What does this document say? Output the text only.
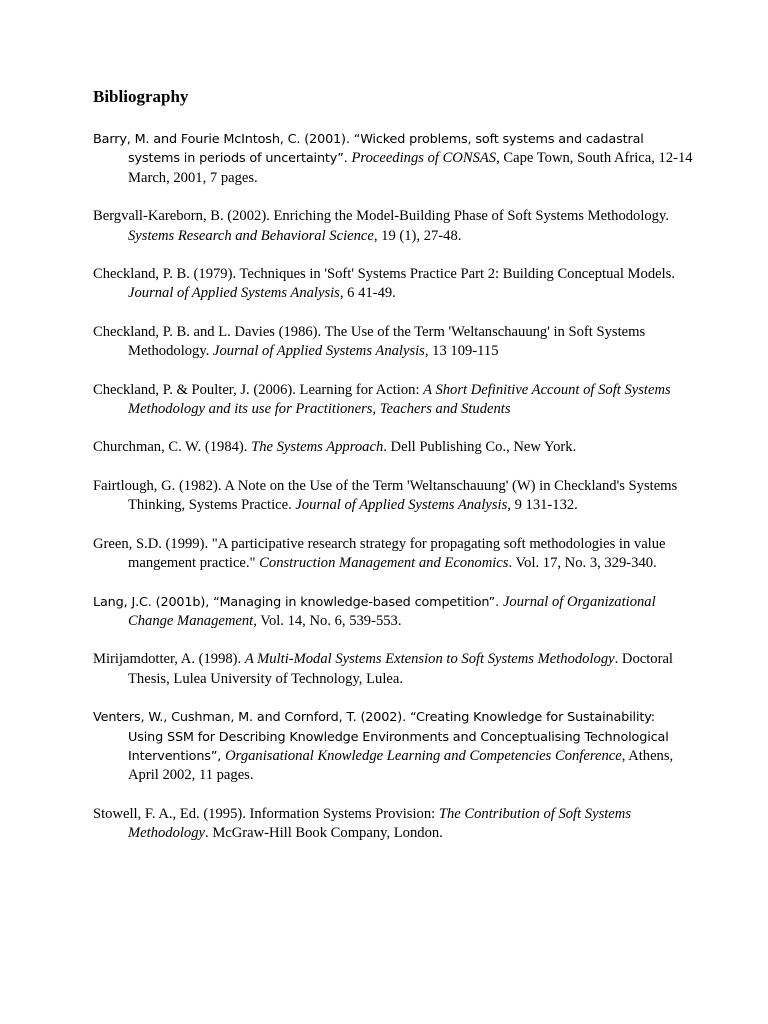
Bibliography
Barry, M. and Fourie McIntosh, C. (2001). “Wicked problems, soft systems and cadastral systems in periods of uncertainty”. Proceedings of CONSAS, Cape Town, South Africa, 12-14 March, 2001, 7 pages.
Bergvall-Kareborn, B. (2002). Enriching the Model-Building Phase of Soft Systems Methodology. Systems Research and Behavioral Science, 19 (1), 27-48.
Checkland, P. B. (1979). Techniques in 'Soft' Systems Practice Part 2: Building Conceptual Models. Journal of Applied Systems Analysis, 6 41-49.
Checkland, P. B. and L. Davies (1986). The Use of the Term 'Weltanschauung' in Soft Systems Methodology. Journal of Applied Systems Analysis, 13 109-115
Checkland, P. & Poulter, J. (2006). Learning for Action: A Short Definitive Account of Soft Systems Methodology and its use for Practitioners, Teachers and Students
Churchman, C. W. (1984). The Systems Approach. Dell Publishing Co., New York.
Fairtlough, G. (1982). A Note on the Use of the Term 'Weltanschauung' (W) in Checkland's Systems Thinking, Systems Practice. Journal of Applied Systems Analysis, 9 131-132.
Green, S.D. (1999). "A participative research strategy for propagating soft methodologies in value mangement practice." Construction Management and Economics. Vol. 17, No. 3, 329-340.
Lang, J.C. (2001b), “Managing in knowledge-based competition”. Journal of Organizational Change Management, Vol. 14, No. 6, 539-553.
Mirijamdotter, A. (1998). A Multi-Modal Systems Extension to Soft Systems Methodology. Doctoral Thesis, Lulea University of Technology, Lulea.
Venters, W., Cushman, M. and Cornford, T. (2002). “Creating Knowledge for Sustainability: Using SSM for Describing Knowledge Environments and Conceptualising Technological Interventions”, Organisational Knowledge Learning and Competencies Conference, Athens, April 2002, 11 pages.
Stowell, F. A., Ed. (1995). Information Systems Provision: The Contribution of Soft Systems Methodology. McGraw-Hill Book Company, London.
